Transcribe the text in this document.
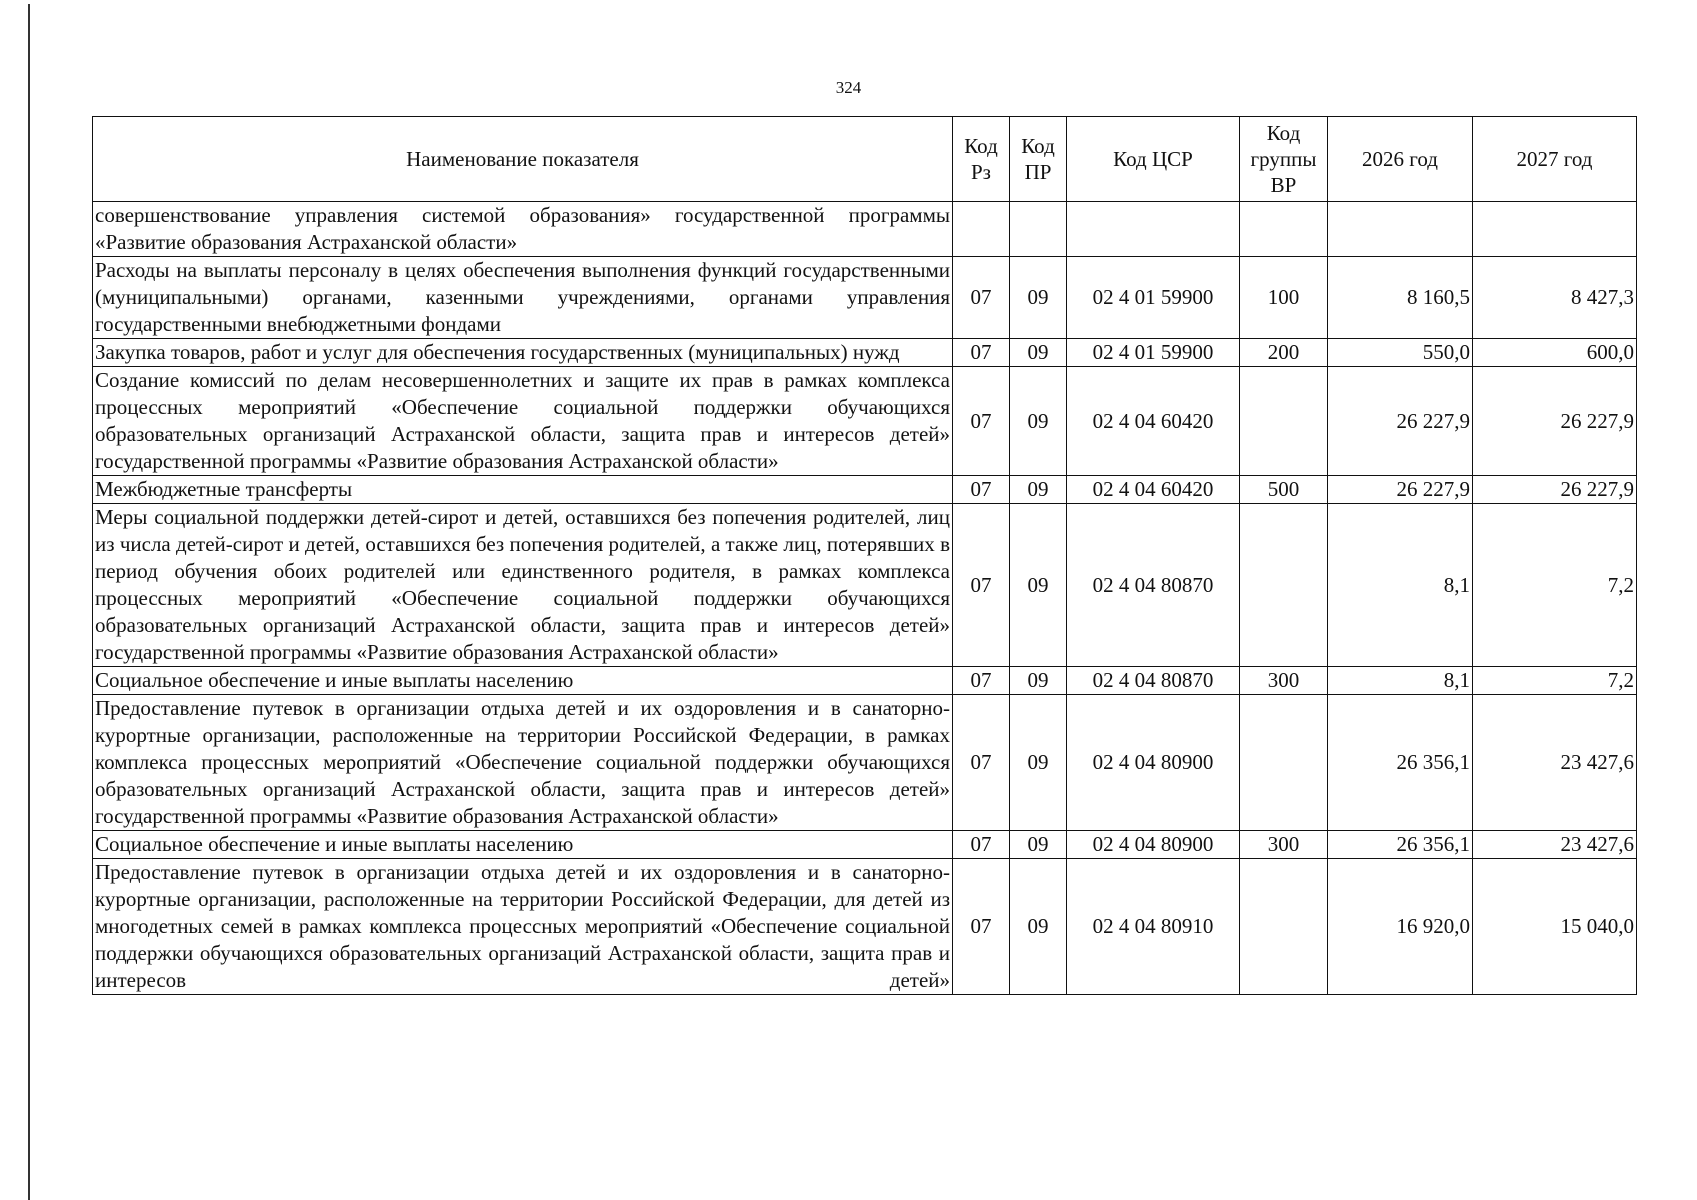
324
Наименование показателя	Код Рз	Код ПР	Код ЦСР	Код группы ВР	2026 год	2027 год
совершенствование управления системой образования» государственной программы «Развитие образования Астраханской области»						
Расходы на выплаты персоналу в целях обеспечения выполнения функций государственными (муниципальными) органами, казенными учреждениями, органами управления государственными внебюджетными фондами	07	09	02 4 01 59900	100	8 160,5	8 427,3
Закупка товаров, работ и услуг для обеспечения государственных (муниципальных) нужд	07	09	02 4 01 59900	200	550,0	600,0
Создание комиссий по делам несовершеннолетних и защите их прав в рамках комплекса процессных мероприятий «Обеспечение социальной поддержки обучающихся образовательных организаций Астраханской области, защита прав и интересов детей» государственной программы «Развитие образования Астраханской области»	07	09	02 4 04 60420		26 227,9	26 227,9
Межбюджетные трансферты	07	09	02 4 04 60420	500	26 227,9	26 227,9
Меры социальной поддержки детей-сирот и детей, оставшихся без попечения родителей, лиц из числа детей-сирот и детей, оставшихся без попечения родителей, а также лиц, потерявших в период обучения обоих родителей или единственного родителя, в рамках комплекса процессных мероприятий «Обеспечение социальной поддержки обучающихся образовательных организаций Астраханской области, защита прав и интересов детей» государственной программы «Развитие образования Астраханской области»	07	09	02 4 04 80870		8,1	7,2
Социальное обеспечение и иные выплаты населению	07	09	02 4 04 80870	300	8,1	7,2
Предоставление путевок в организации отдыха детей и их оздоровления и в санаторно-курортные организации, расположенные на территории Российской Федерации, в рамках комплекса процессных мероприятий «Обеспечение социальной поддержки обучающихся образовательных организаций Астраханской области, защита прав и интересов детей» государственной программы «Развитие образования Астраханской области»	07	09	02 4 04 80900		26 356,1	23 427,6
Социальное обеспечение и иные выплаты населению	07	09	02 4 04 80900	300	26 356,1	23 427,6
Предоставление путевок в организации отдыха детей и их оздоровления и в санаторно-курортные организации, расположенные на территории Российской Федерации, для детей из многодетных семей в рамках комплекса процессных мероприятий «Обеспечение социальной поддержки обучающихся образовательных организаций Астраханской области, защита прав и интересов детей»	07	09	02 4 04 80910		16 920,0	15 040,0
